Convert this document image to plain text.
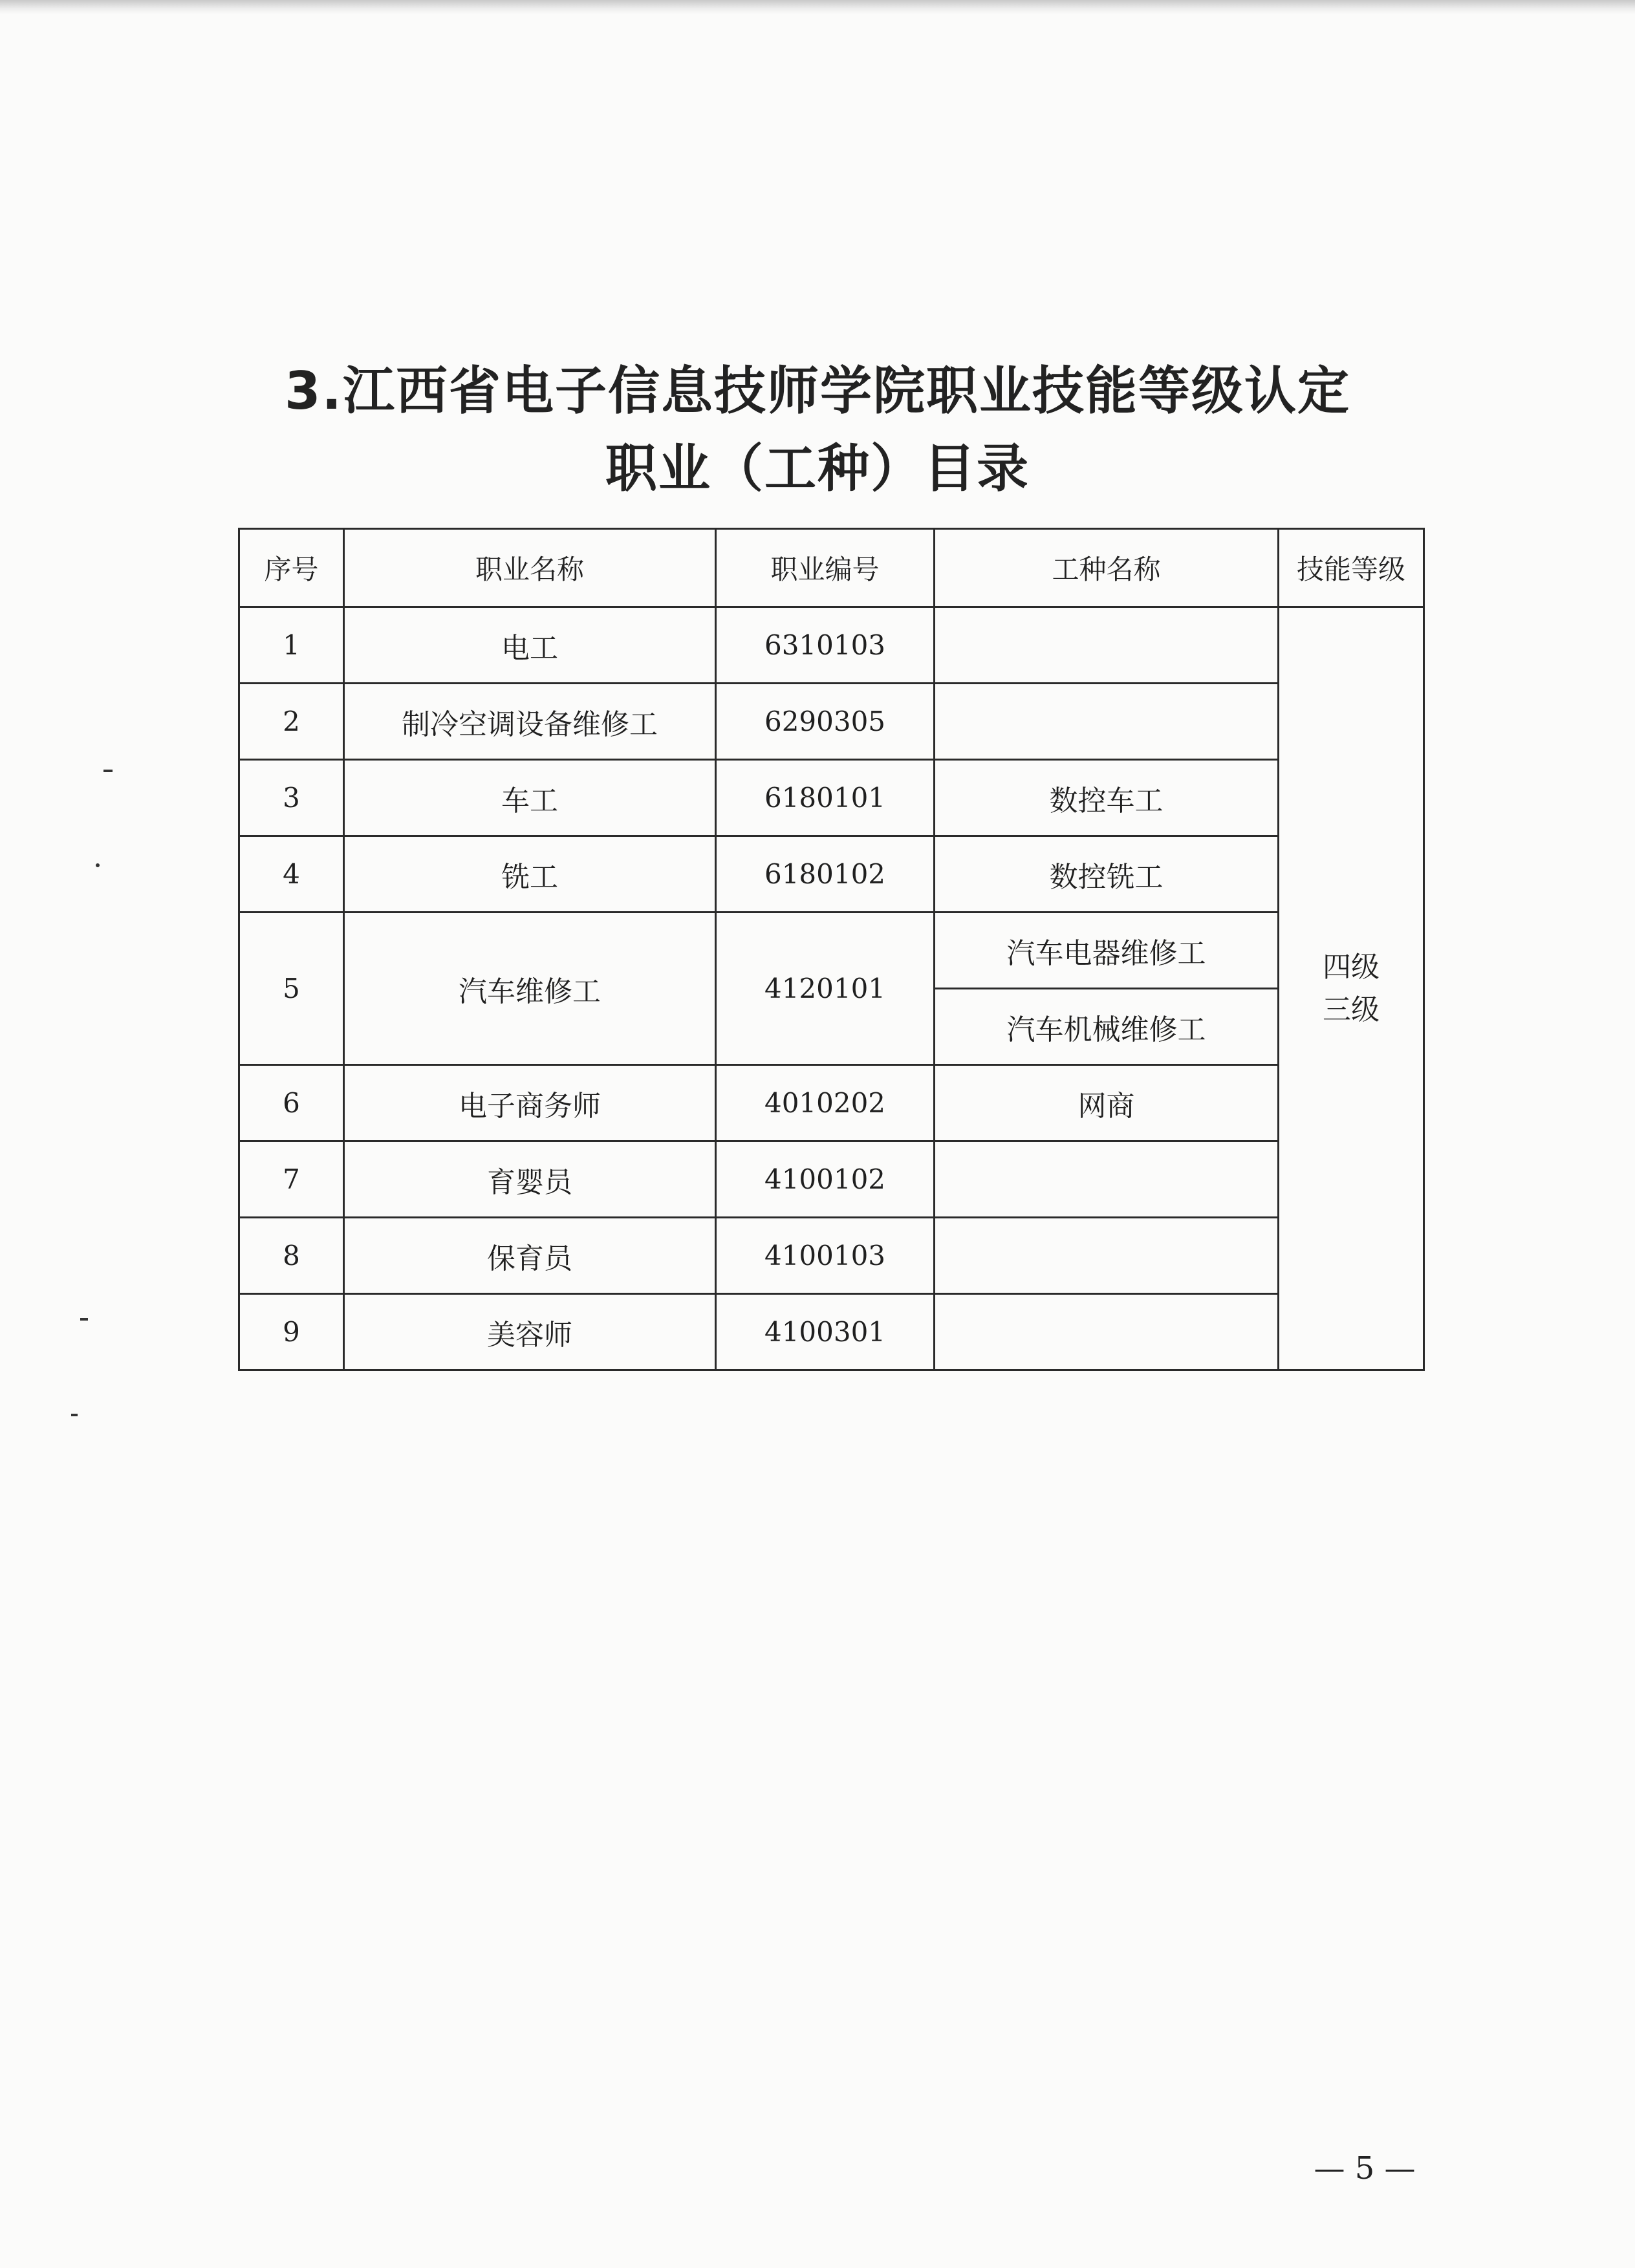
3.江西省电子信息技师学院职业技能等级认定
职业（工种）目录
序号	职业名称	职业编号	工种名称	技能等级
1	电工	6310103		四级
三级

2	制冷空调设备维修工	6290305		
3	车工	6180101	数控车工	
4	铣工	6180102	数控铣工	
5	汽车维修工	4120101	汽车电器维修工	
			汽车机械维修工	
6	电子商务师	4010202	网商	
7	育婴员	4100102		
8	保育员	4100103		
9	美容师	4100301		
— 5 —
